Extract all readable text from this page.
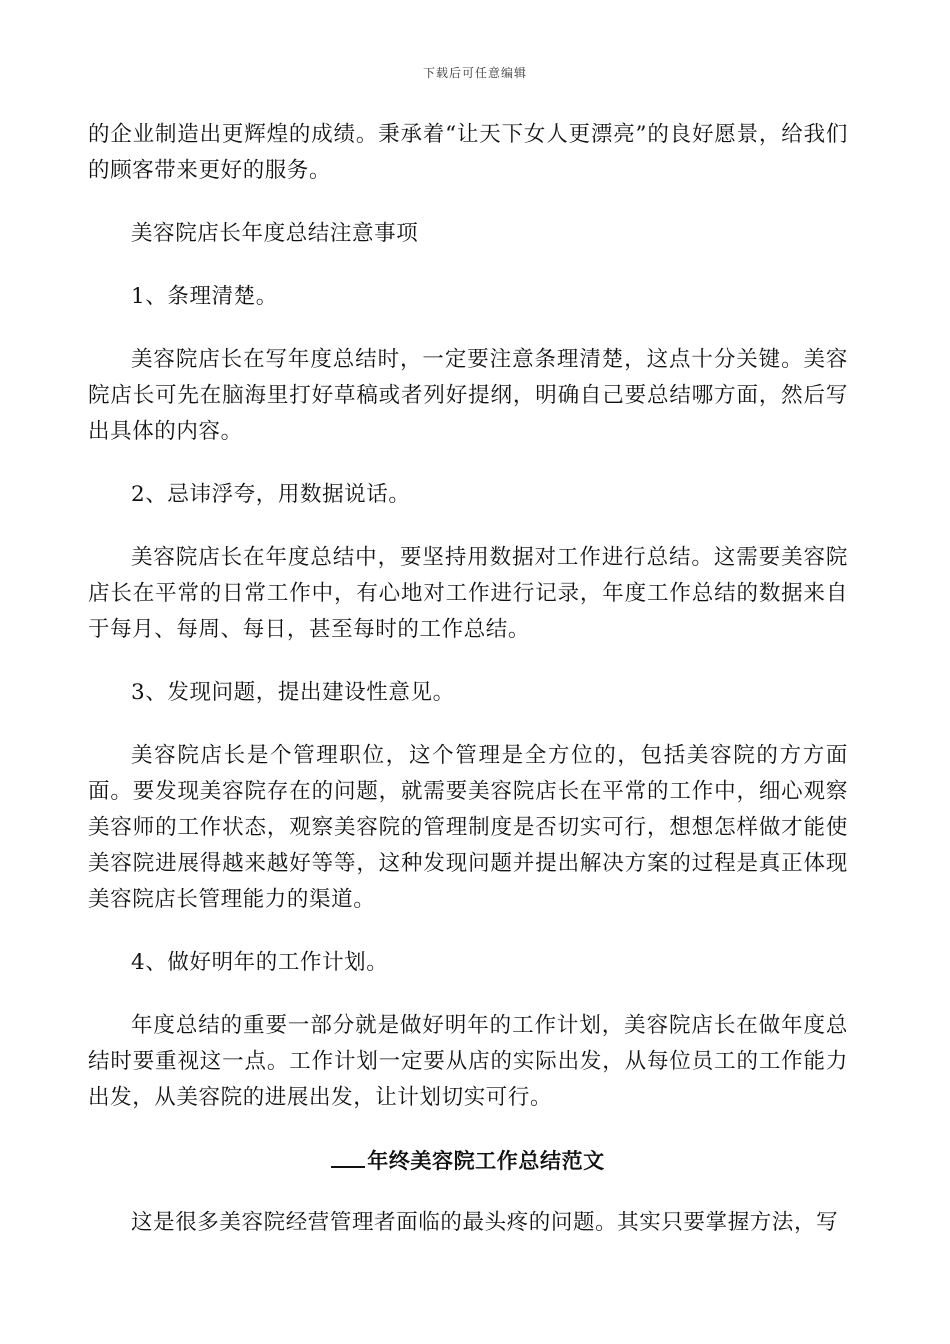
下载后可任意编辑

的企业制造出更辉煌的成绩。秉承着“让天下女人更漂亮”的良好愿景，给我们的顾客带来更好的服务。

美容院店长年度总结注意事项

1、条理清楚。

美容院店长在写年度总结时，一定要注意条理清楚，这点十分关键。美容院店长可先在脑海里打好草稿或者列好提纲，明确自己要总结哪方面，然后写出具体的内容。

2、忌讳浮夸，用数据说话。

美容院店长在年度总结中，要坚持用数据对工作进行总结。这需要美容院店长在平常的日常工作中，有心地对工作进行记录，年度工作总结的数据来自于每月、每周、每日，甚至每时的工作总结。

3、发现问题，提出建设性意见。

美容院店长是个管理职位，这个管理是全方位的，包括美容院的方方面面。要发现美容院存在的问题，就需要美容院店长在平常的工作中，细心观察美容师的工作状态，观察美容院的管理制度是否切实可行，想想怎样做才能使美容院进展得越来越好等等，这种发现问题并提出解决方案的过程是真正体现美容院店长管理能力的渠道。

4、做好明年的工作计划。

年度总结的重要一部分就是做好明年的工作计划，美容院店长在做年度总结时要重视这一点。工作计划一定要从店的实际出发，从每位员工的工作能力出发，从美容院的进展出发，让计划切实可行。

年终美容院工作总结范文

这是很多美容院经营管理者面临的最头疼的问题。其实只要掌握方法，写
